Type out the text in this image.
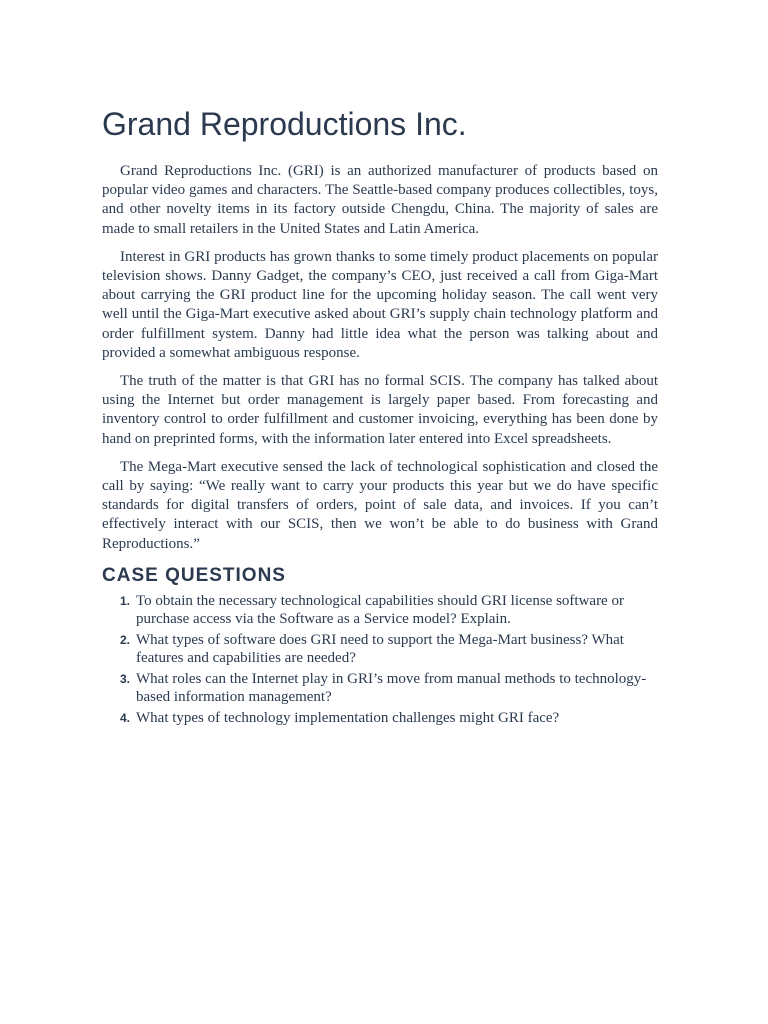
Grand Reproductions Inc.

Grand Reproductions Inc. (GRI) is an authorized manufacturer of products based on popular video games and characters. The Seattle-based company produces collectibles, toys, and other novelty items in its factory outside Chengdu, China. The majority of sales are made to small retailers in the United States and Latin America.

Interest in GRI products has grown thanks to some timely product placements on popular television shows. Danny Gadget, the company’s CEO, just received a call from Giga-Mart about carrying the GRI product line for the upcoming holiday season. The call went very well until the Giga-Mart executive asked about GRI’s supply chain technology platform and order fulfillment system. Danny had little idea what the person was talking about and provided a somewhat ambiguous response.

The truth of the matter is that GRI has no formal SCIS. The company has talked about using the Internet but order management is largely paper based. From forecasting and inventory control to order fulfillment and customer invoicing, everything has been done by hand on preprinted forms, with the information later entered into Excel spreadsheets.

The Mega-Mart executive sensed the lack of technological sophistication and closed the call by saying: “We really want to carry your products this year but we do have specific standards for digital transfers of orders, point of sale data, and invoices. If you can’t effectively interact with our SCIS, then we won’t be able to do business with Grand Reproductions.”

CASE QUESTIONS
1. To obtain the necessary technological capabilities should GRI license software or purchase access via the Software as a Service model? Explain.
2. What types of software does GRI need to support the Mega-Mart business? What features and capabilities are needed?
3. What roles can the Internet play in GRI’s move from manual methods to technology-based information management?
4. What types of technology implementation challenges might GRI face?
